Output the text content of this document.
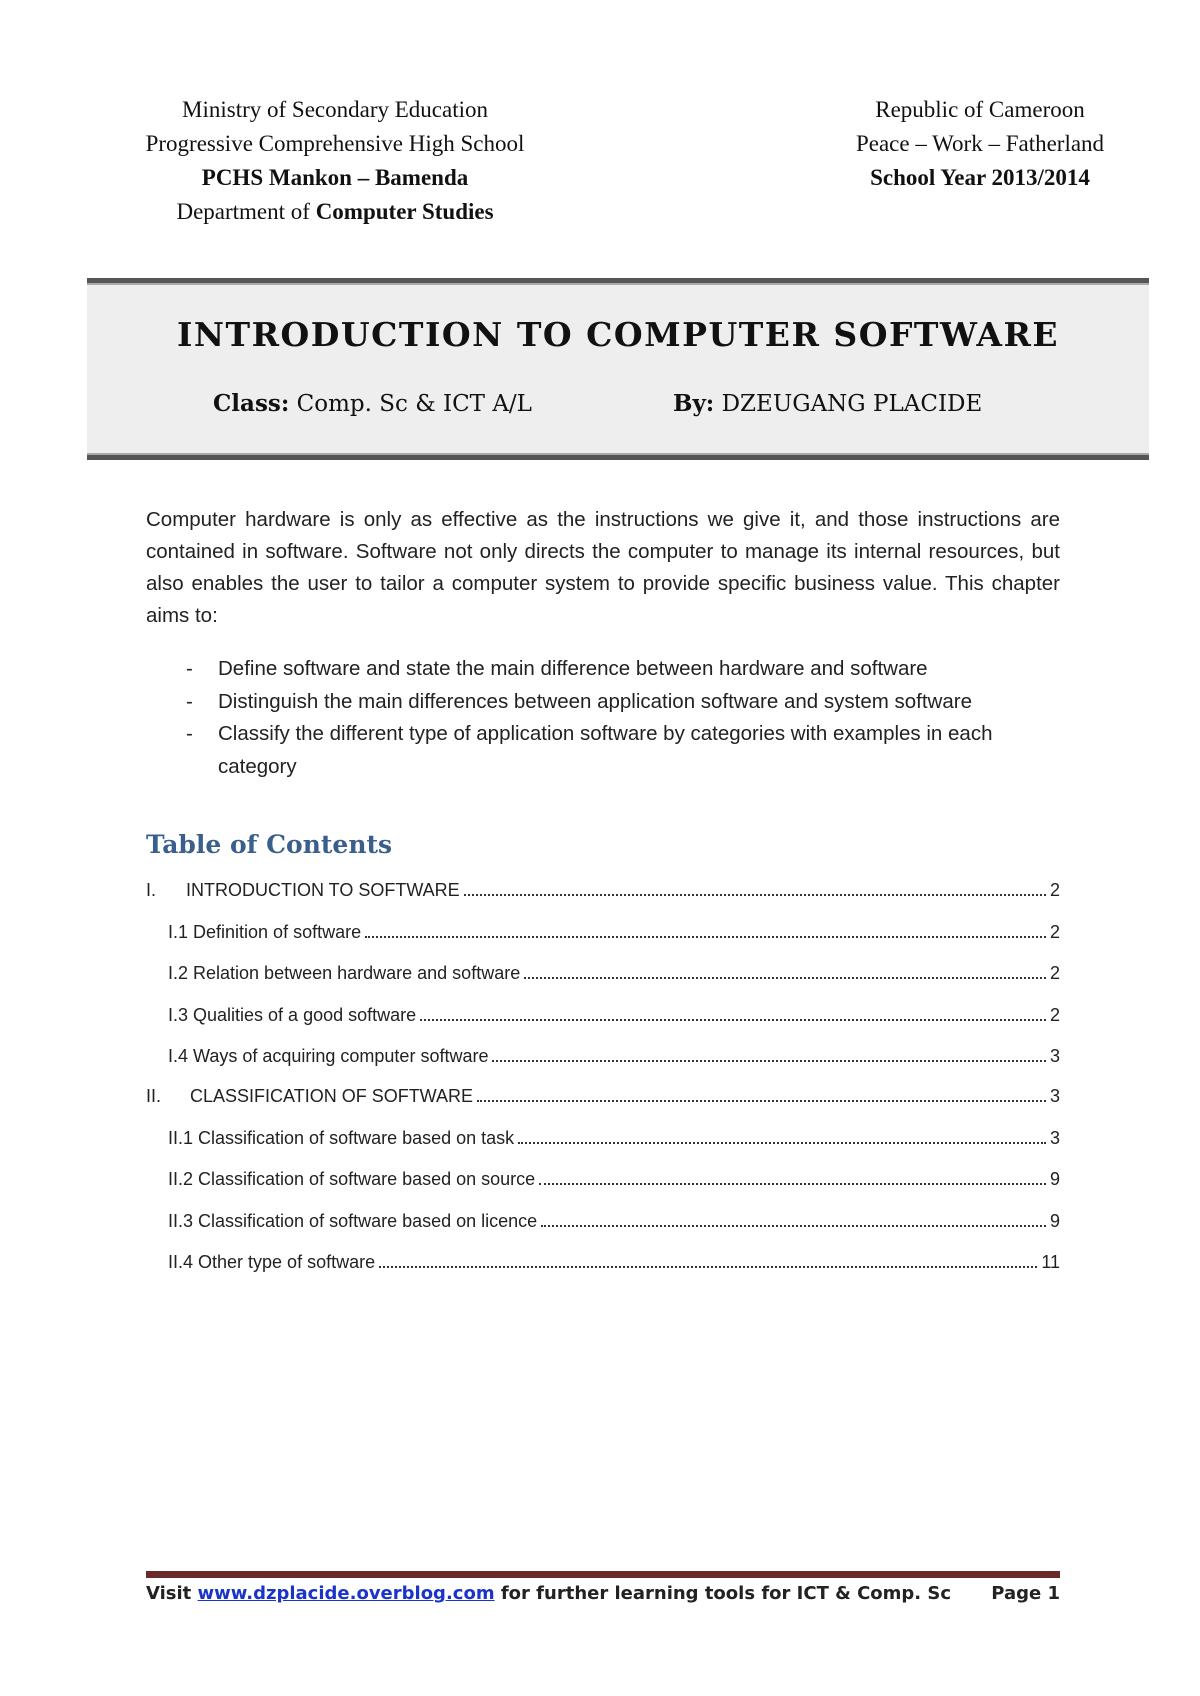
Ministry of Secondary Education
Progressive Comprehensive High School
PCHS Mankon – Bamenda
Department of Computer Studies
Republic of Cameroon
Peace – Work – Fatherland
School Year 2013/2014
INTRODUCTION TO COMPUTER SOFTWARE
Class: Comp. Sc & ICT A/L	By: DZEUGANG PLACIDE
Computer hardware is only as effective as the instructions we give it, and those instructions are contained in software. Software not only directs the computer to manage its internal resources, but also enables the user to tailor a computer system to provide specific business value. This chapter aims to:
- Define software and state the main difference between hardware and software
- Distinguish the main differences between application software and system software
- Classify the different type of application software by categories with examples in each category
Table of Contents
I.	INTRODUCTION TO SOFTWARE	2
I.1 Definition of software	2
I.2 Relation between hardware and software	2
I.3 Qualities of a good software	2
I.4 Ways of acquiring computer software	3
II.	CLASSIFICATION OF SOFTWARE	3
II.1 Classification of software based on task	3
II.2 Classification of software based on source	9
II.3 Classification of software based on licence	9
II.4 Other type of software	11
Visit www.dzplacide.overblog.com for further learning tools for ICT & Comp. Sc Page 1
